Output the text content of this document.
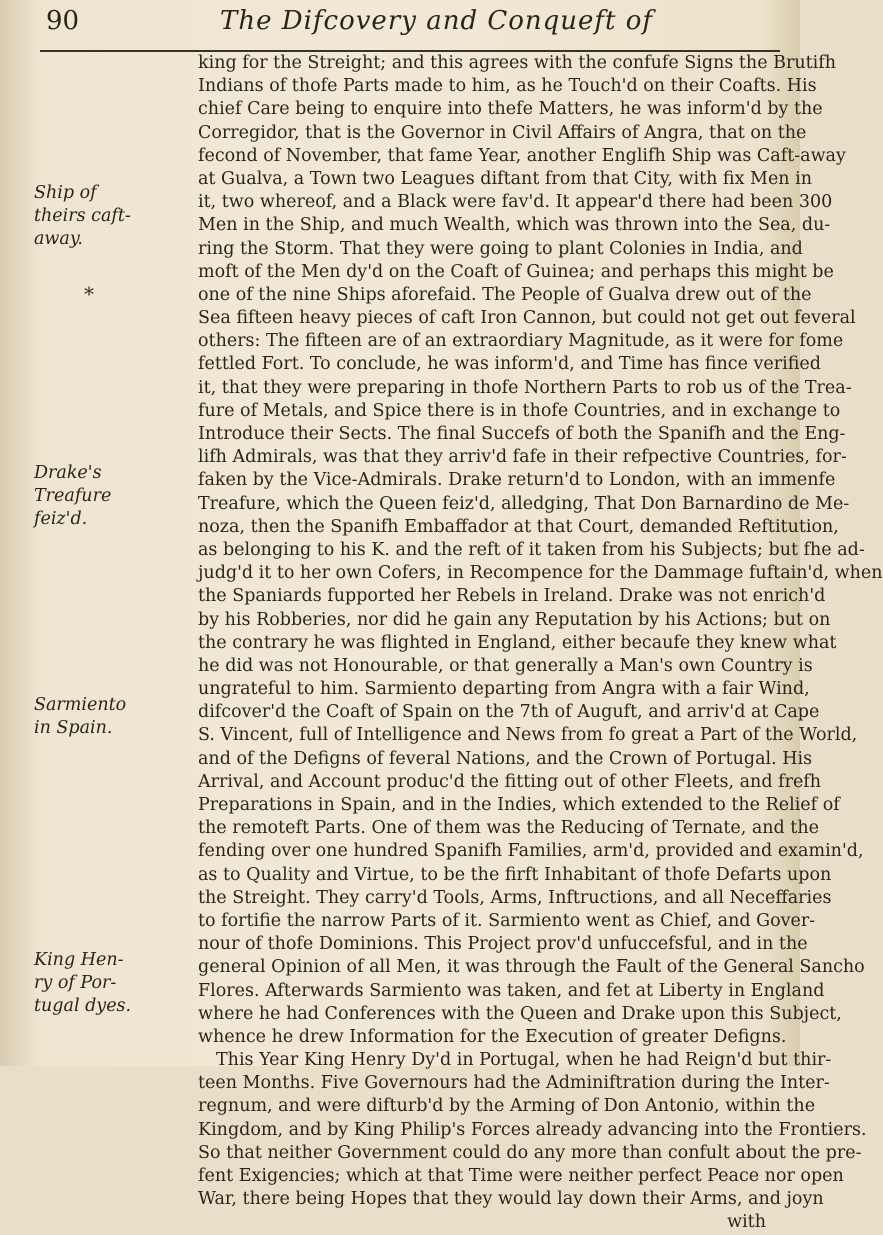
90	The Difcovery and Conqueft of
Ship of
theirs caft-
away.
Drake's
Treafure
feiz'd.
Sarmiento
in Spain.
King Hen-
ry of Por-
tugal dyes.
*
king for the Streight; and this agrees with the confufe Signs the Brutifh
Indians of thofe Parts made to him, as he Touch'd on their Coafts. His
chief Care being to enquire into thefe Matters, he was inform'd by the
Corregidor, that is the Governor in Civil Affairs of Angra, that on the
fecond of November, that fame Year, another Englifh Ship was Caft-away
at Gualva, a Town two Leagues diftant from that City, with fix Men in
it, two whereof, and a Black were fav'd. It appear'd there had been 300
Men in the Ship, and much Wealth, which was thrown into the Sea, du-
ring the Storm. That they were going to plant Colonies in India, and
moft of the Men dy'd on the Coaft of Guinea; and perhaps this might be
one of the nine Ships aforefaid. The People of Gualva drew out of the
Sea fifteen heavy pieces of caft Iron Cannon, but could not get out feveral
others: The fifteen are of an extraordiary Magnitude, as it were for fome
fettled Fort. To conclude, he was inform'd, and Time has fince verified
it, that they were preparing in thofe Northern Parts to rob us of the Trea-
fure of Metals, and Spice there is in thofe Countries, and in exchange to
Introduce their Sects. The final Succefs of both the Spanifh and the Eng-
lifh Admirals, was that they arriv'd fafe in their refpective Countries, for-
faken by the Vice-Admirals. Drake return'd to London, with an immenfe
Treafure, which the Queen feiz'd, alledging, That Don Barnardino de Me-
noza, then the Spanifh Embaffador at that Court, demanded Reftitution,
as belonging to his K. and the reft of it taken from his Subjects; but fhe ad-
judg'd it to her own Cofers, in Recompence for the Dammage fuftain'd, when
the Spaniards fupported her Rebels in Ireland. Drake was not enrich'd
by his Robberies, nor did he gain any Reputation by his Actions; but on
the contrary he was flighted in England, either becaufe they knew what
he did was not Honourable, or that generally a Man's own Country is
ungrateful to him. Sarmiento departing from Angra with a fair Wind,
difcover'd the Coaft of Spain on the 7th of Auguft, and arriv'd at Cape
S. Vincent, full of Intelligence and News from fo great a Part of the World,
and of the Defigns of feveral Nations, and the Crown of Portugal. His
Arrival, and Account produc'd the fitting out of other Fleets, and frefh
Preparations in Spain, and in the Indies, which extended to the Relief of
the remoteft Parts. One of them was the Reducing of Ternate, and the
fending over one hundred Spanifh Families, arm'd, provided and examin'd,
as to Quality and Virtue, to be the firft Inhabitant of thofe Defarts upon
the Streight. They carry'd Tools, Arms, Inftructions, and all Neceffaries
to fortifie the narrow Parts of it. Sarmiento went as Chief, and Gover-
nour of thofe Dominions. This Project prov'd unfuccefsful, and in the
general Opinion of all Men, it was through the Fault of the General Sancho
Flores. Afterwards Sarmiento was taken, and fet at Liberty in England
where he had Conferences with the Queen and Drake upon this Subject,
whence he drew Information for the Execution of greater Defigns.
This Year King Henry Dy'd in Portugal, when he had Reign'd but thir-
teen Months. Five Governours had the Adminiftration during the Inter-
regnum, and were difturb'd by the Arming of Don Antonio, within the
Kingdom, and by King Philip's Forces already advancing into the Frontiers.
So that neither Government could do any more than confult about the pre-
fent Exigencies; which at that Time were neither perfect Peace nor open
War, there being Hopes that they would lay down their Arms, and joyn
with
